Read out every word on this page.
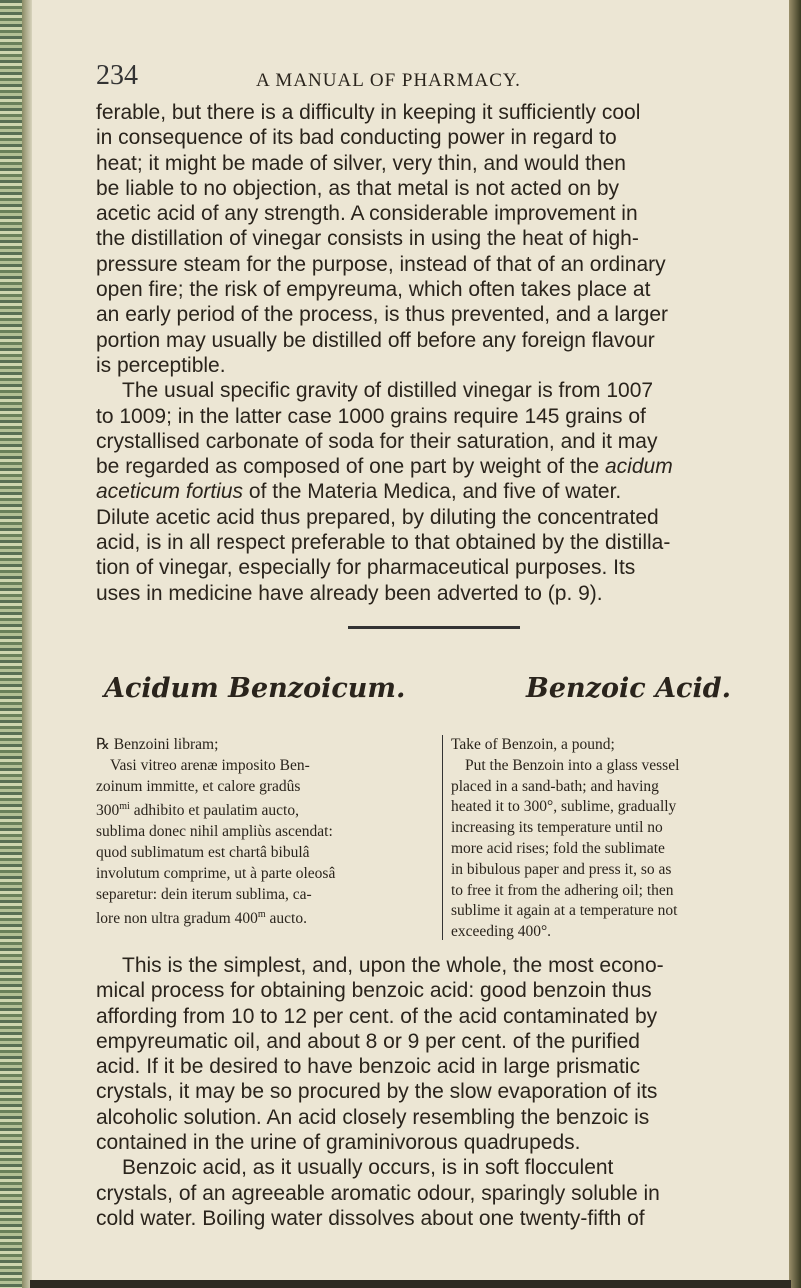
234	A MANUAL OF PHARMACY.

ferable, but there is a difficulty in keeping it sufficiently cool
in consequence of its bad conducting power in regard to
heat; it might be made of silver, very thin, and would then
be liable to no objection, as that metal is not acted on by
acetic acid of any strength. A considerable improvement in
the distillation of vinegar consists in using the heat of high-
pressure steam for the purpose, instead of that of an ordinary
open fire; the risk of empyreuma, which often takes place at
an early period of the process, is thus prevented, and a larger
portion may usually be distilled off before any foreign flavour
is perceptible.

The usual specific gravity of distilled vinegar is from 1007
to 1009; in the latter case 1000 grains require 145 grains of
crystallised carbonate of soda for their saturation, and it may
be regarded as composed of one part by weight of the acidum
aceticum fortius of the Materia Medica, and five of water.
Dilute acetic acid thus prepared, by diluting the concentrated
acid, is in all respect preferable to that obtained by the distilla-
tion of vinegar, especially for pharmaceutical purposes. Its
uses in medicine have already been adverted to (p. 9).

Acidum Benzoicum.	Benzoic Acid.
℞ Benzoini libram;
Vasi vitreo arenæ imposito Ben-
zoinum immitte, et calore gradûs
$300^{mi}$ adhibito et paulatim aucto,
sublima donec nihil ampliùs ascendat:
quod sublimatum est chartâ bibulâ
involutum comprime, ut à parte oleosâ
separetur: dein iterum sublima, ca-
lore non ultra gradum 400$^m$ aucto.
Take of Benzoin, a pound;
Put the Benzoin into a glass vessel
placed in a sand-bath; and having
heated it to 300°, sublime, gradually
increasing its temperature until no
more acid rises; fold the sublimate
in bibulous paper and press it, so as
to free it from the adhering oil; then
sublime it again at a temperature not
exceeding 400°.

This is the simplest, and, upon the whole, the most econo-
mical process for obtaining benzoic acid: good benzoin thus
affording from 10 to 12 per cent. of the acid contaminated by
empyreumatic oil, and about 8 or 9 per cent. of the purified
acid. If it be desired to have benzoic acid in large prismatic
crystals, it may be so procured by the slow evaporation of its
alcoholic solution. An acid closely resembling the benzoic is
contained in the urine of graminivorous quadrupeds.
Benzoic acid, as it usually occurs, is in soft flocculent
crystals, of an agreeable aromatic odour, sparingly soluble in
cold water. Boiling water dissolves about one twenty-fifth of
